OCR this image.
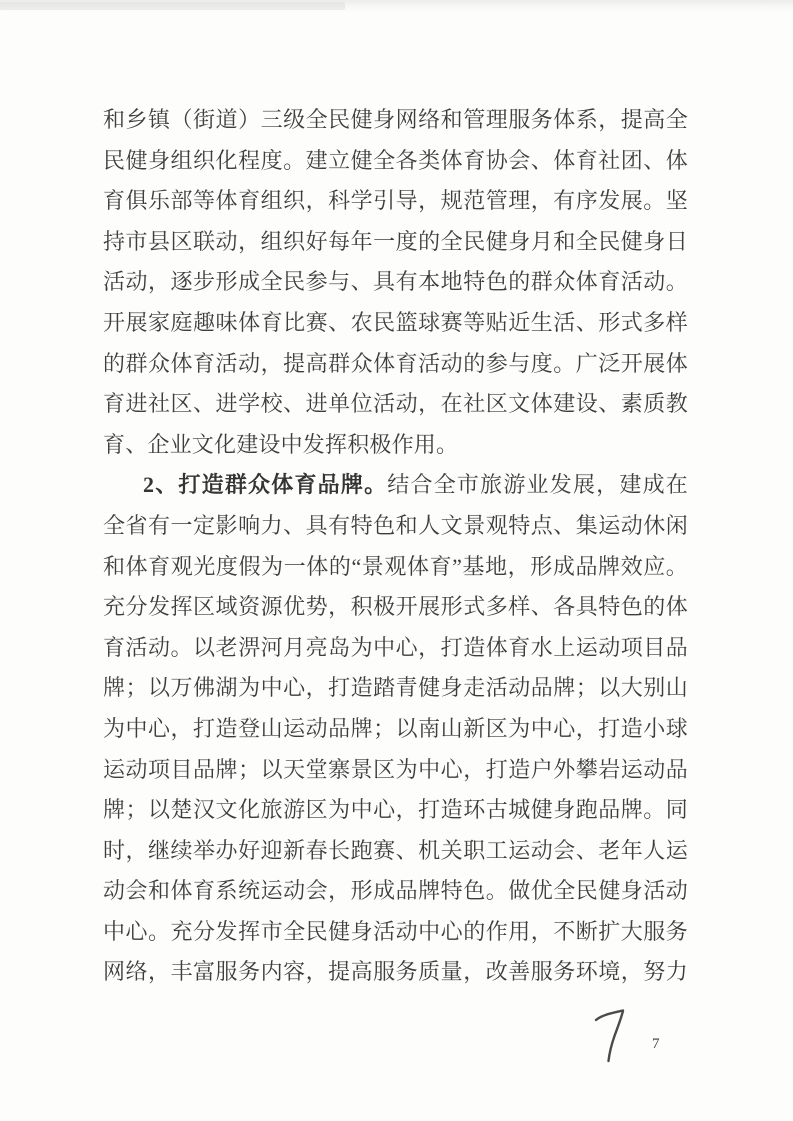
和乡镇（街道）三级全民健身网络和管理服务体系，提高全
民健身组织化程度。建立健全各类体育协会、体育社团、体
育俱乐部等体育组织，科学引导，规范管理，有序发展。坚
持市县区联动，组织好每年一度的全民健身月和全民健身日
活动，逐步形成全民参与、具有本地特色的群众体育活动。
开展家庭趣味体育比赛、农民篮球赛等贴近生活、形式多样
的群众体育活动，提高群众体育活动的参与度。广泛开展体
育进社区、进学校、进单位活动，在社区文体建设、素质教
育、企业文化建设中发挥积极作用。
2、打造群众体育品牌。结合全市旅游业发展，建成在
全省有一定影响力、具有特色和人文景观特点、集运动休闲
和体育观光度假为一体的“景观体育”基地，形成品牌效应。
充分发挥区域资源优势，积极开展形式多样、各具特色的体
育活动。以老淠河月亮岛为中心，打造体育水上运动项目品
牌；以万佛湖为中心，打造踏青健身走活动品牌；以大别山
为中心，打造登山运动品牌；以南山新区为中心，打造小球
运动项目品牌；以天堂寨景区为中心，打造户外攀岩运动品
牌；以楚汉文化旅游区为中心，打造环古城健身跑品牌。同
时，继续举办好迎新春长跑赛、机关职工运动会、老年人运
动会和体育系统运动会，形成品牌特色。做优全民健身活动
中心。充分发挥市全民健身活动中心的作用，不断扩大服务
网络，丰富服务内容，提高服务质量，改善服务环境，努力
7
